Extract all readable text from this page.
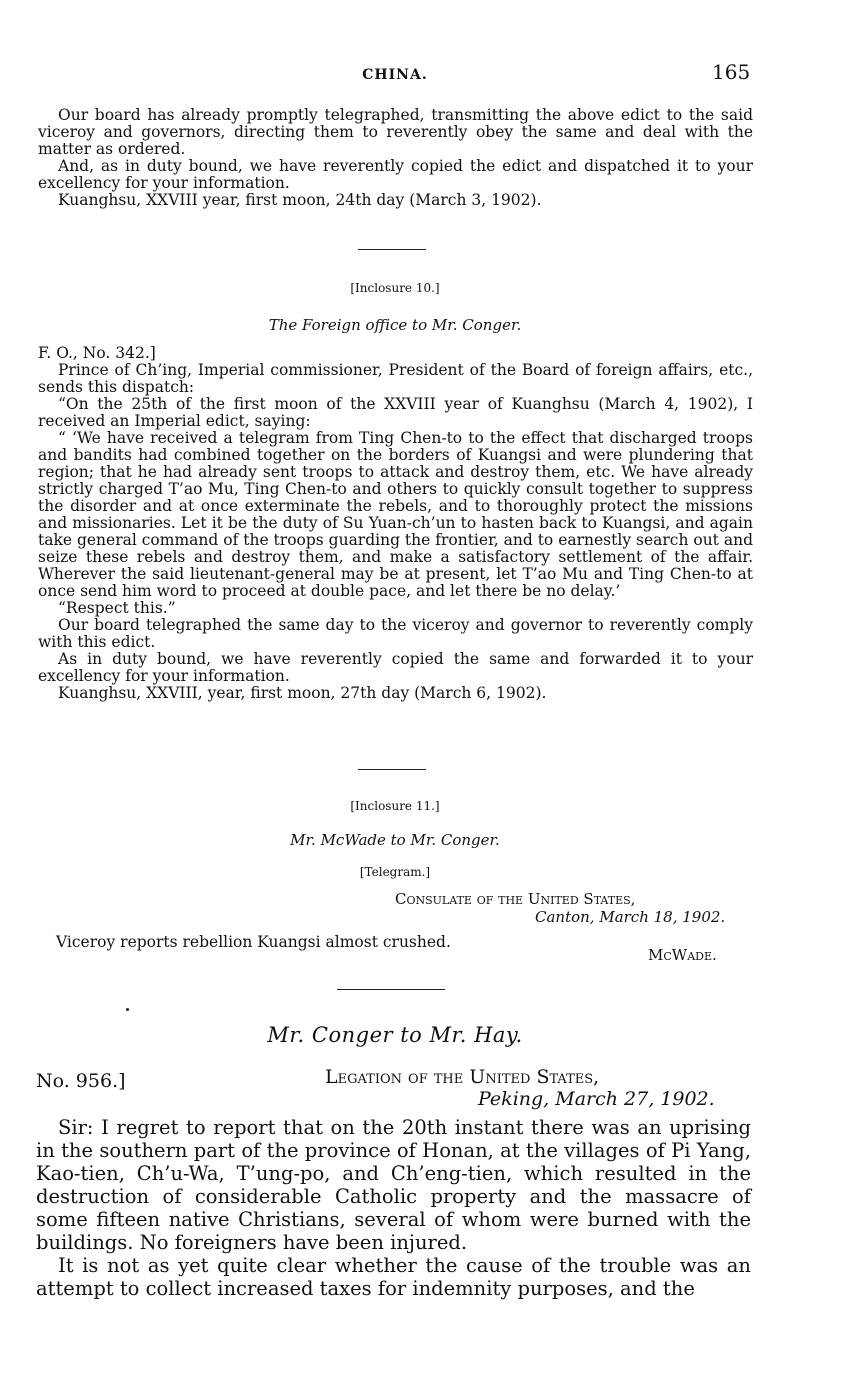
CHINA.	165

Our board has already promptly telegraphed, transmitting the above edict to the said viceroy and governors, directing them to reverently obey the same and deal with the matter as ordered.

And, as in duty bound, we have reverently copied the edict and dispatched it to your excellency for your information.

Kuanghsu, XXVIII year, first moon, 24th day (March 3, 1902).

[Inclosure 10.]
The Foreign office to Mr. Conger.

F. O., No. 342.]

Prince of Ch’ing, Imperial commissioner, President of the Board of foreign affairs, etc., sends this dispatch:

“On the 25th of the first moon of the XXVIII year of Kuanghsu (March 4, 1902), I received an Imperial edict, saying:

“ ‘We have received a telegram from Ting Chen-to to the effect that discharged troops and bandits had combined together on the borders of Kuangsi and were plundering that region; that he had already sent troops to attack and destroy them, etc. We have already strictly charged T’ao Mu, Ting Chen-to and others to quickly consult together to suppress the disorder and at once exterminate the rebels, and to thoroughly protect the missions and missionaries. Let it be the duty of Su Yuan-ch’un to hasten back to Kuangsi, and again take general command of the troops guarding the frontier, and to earnestly search out and seize these rebels and destroy them, and make a satisfactory settlement of the affair. Wherever the said lieutenant-general may be at present, let T’ao Mu and Ting Chen-to at once send him word to proceed at double pace, and let there be no delay.’

“Respect this.”

Our board telegraphed the same day to the viceroy and governor to reverently comply with this edict.

As in duty bound, we have reverently copied the same and forwarded it to your excellency for your information.

Kuanghsu, XXVIII, year, first moon, 27th day (March 6, 1902).

[Inclosure 11.]
Mr. McWade to Mr. Conger.
[Telegram.]
Consulate of the United States,
Canton, March 18, 1902.
Viceroy reports rebellion Kuangsi almost crushed.
McWade.
Mr. Conger to Mr. Hay.
No. 956.]	Legation of the United States,
Peking, March 27, 1902.

Sir: I regret to report that on the 20th instant there was an uprising in the southern part of the province of Honan, at the villages of Pi Yang, Kao-tien, Ch’u-Wa, T’ung-po, and Ch’eng-tien, which resulted in the destruction of considerable Catholic property and the massacre of some fifteen native Christians, several of whom were burned with the buildings. No foreigners have been injured.

It is not as yet quite clear whether the cause of the trouble was an attempt to collect increased taxes for indemnity purposes, and the
